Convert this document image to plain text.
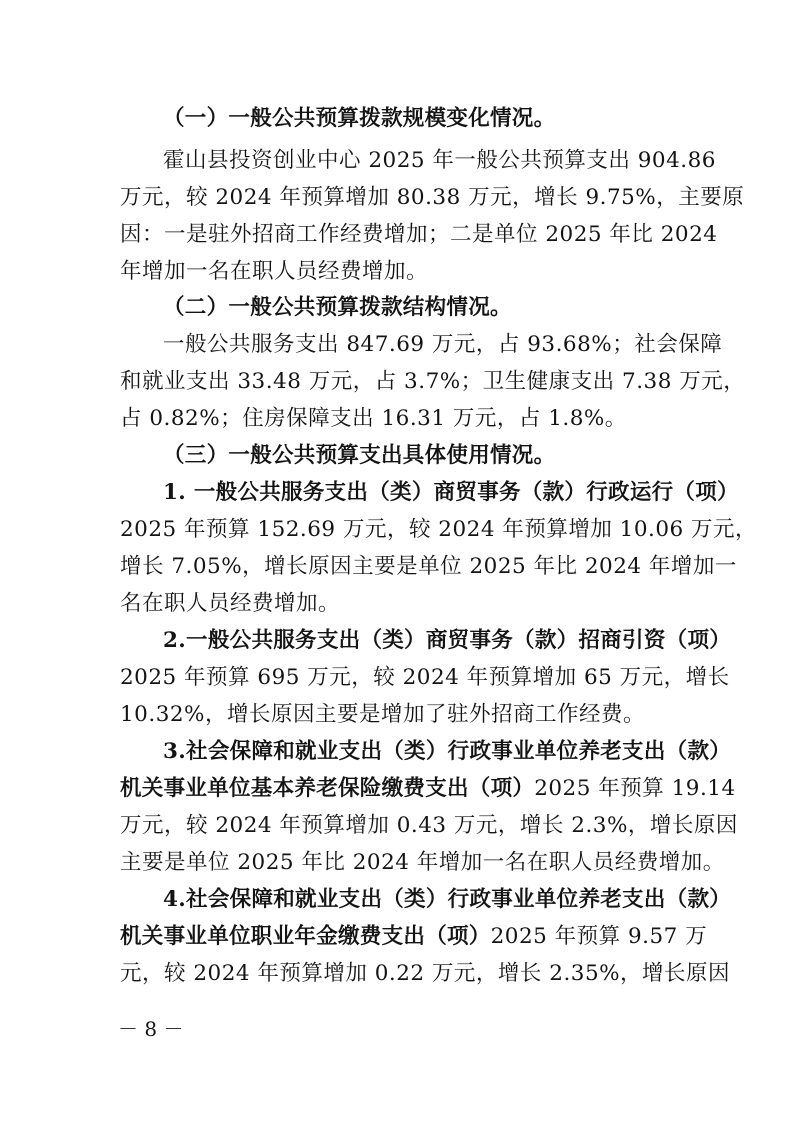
（一）一般公共预算拨款规模变化情况。
霍山县投资创业中心 2025 年一般公共预算支出 904.86
万元，较 2024 年预算增加 80.38 万元，增长 9.75%，主要原
因：一是驻外招商工作经费增加；二是单位 2025 年比 2024
年增加一名在职人员经费增加。
（二）一般公共预算拨款结构情况。
一般公共服务支出 847.69 万元，占 93.68%；社会保障
和就业支出 33.48 万元，占 3.7%；卫生健康支出 7.38 万元，
占 0.82%；住房保障支出 16.31 万元，占 1.8%。
（三）一般公共预算支出具体使用情况。
1. 一般公共服务支出（类）商贸事务（款）行政运行（项）
2025 年预算 152.69 万元，较 2024 年预算增加 10.06 万元，
增长 7.05%，增长原因主要是单位 2025 年比 2024 年增加一
名在职人员经费增加。
2.一般公共服务支出（类）商贸事务（款）招商引资（项）
2025 年预算 695 万元，较 2024 年预算增加 65 万元，增长
10.32%，增长原因主要是增加了驻外招商工作经费。
3.社会保障和就业支出（类）行政事业单位养老支出（款）
机关事业单位基本养老保险缴费支出（项）2025 年预算 19.14
万元，较 2024 年预算增加 0.43 万元，增长 2.3%，增长原因
主要是单位 2025 年比 2024 年增加一名在职人员经费增加。
4.社会保障和就业支出（类）行政事业单位养老支出（款）
机关事业单位职业年金缴费支出（项）2025 年预算 9.57 万
元，较 2024 年预算增加 0.22 万元，增长 2.35%，增长原因
－ 8 －
